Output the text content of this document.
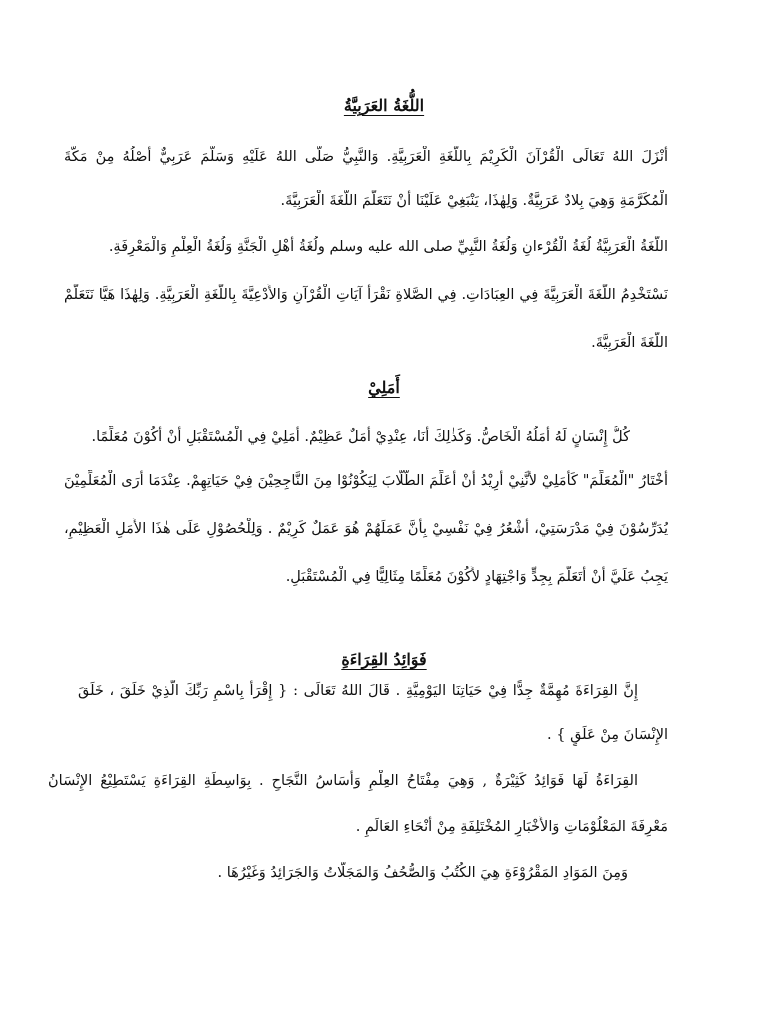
اللُّغَةُ العَرَبِيَّةُ

أَنْزَلَ اللهُ تَعَالَى الْقُرْآنَ الْكَرِيْمَ بِاللُّغَةِ الْعَرَبِيَّةِ. وَالنَّبِيُّ صَلَّى اللهُ عَلَيْهِ وَسَلَّمَ عَرَبِيٌّ أَصْلُهُ مِنْ مَكَّةَ

الْمُكَرَّمَةِ وَهِيَ بِلادٌ عَرَبِيَّةٌ. وَلِهٰذَا، يَنْبَغِيْ عَلَيْنَا أَنْ نَتَعَلَّمَ اللُّغَةَ الْعَرَبِيَّةَ.

اللُّغَةُ الْعَرَبِيَّةُ لُغَةُ الْقُرْءانِ وَلُغَةُ النَّبِيِّ صلى الله عليه وسلم ولُغَةُ أَهْلِ الْجَنَّةِ وَلُغَةُ الْعِلْمِ وَالْمَعْرِفَةِ.

نَسْتَخْدِمُ اللُّغَةَ الْعَرَبِيَّةَ فِي العِبَادَاتِ. فِي الصَّلاةِ نَقْرَأُ آيَاتِ الْقُرْآنِ وَالأَدْعِيَّةَ بِاللُّغَةِ الْعَرَبِيَّةِ. وَلِهٰذَا هَيَّا نَتَعَلَّمْ

اللُّغَةَ الْعَرَبِيَّةَ.

أَمَلِيْ

كُلُّ إِنْسَانٍ لَهُ أَمَلُهُ الْخَاصُّ. وَكَذٰلِكَ أَنَا، عِنْدِيْ أَمَلٌ عَظِيْمٌ. أَمَلِيْ فِي الْمُسْتَقْبَلِ أَنْ أَكُوْنَ مُعَلِّمًا.

أَخْتَارُ "الْمُعَلِّمَ" كَأَمَلِيْ لأَنَّنِيْ أُرِيْدُ أَنْ أُعَلِّمَ الطُّلَّابَ لِيَكُوْنُوْا مِنَ النَّاجِحِيْنَ فِيْ حَيَاتِهِمْ. عِنْدَمَا أَرَى الْمُعَلِّمِيْنَ

يُدَرِّسُوْنَ فِيْ مَدْرَسَتِيْ، أَشْعُرُ فِيْ نَفْسِيْ بِأَنَّ عَمَلَهُمْ هُوَ عَمَلٌ كَرِيْمٌ . وَلِلْحُصُوْلِ عَلَى هٰذَا الأَمَلِ الْعَظِيْمِ،

يَجِبُ عَلَيَّ أَنْ أَتَعَلَّمَ بِجِدٍّ وَاجْتِهَادٍ لأَكُوْنَ مُعَلِّمًا مِثَالِيًّا فِي الْمُسْتَقْبَلِ.

فَوَائِدُ القِرَاءَةِ

إِنَّ القِرَاءَةَ مُهِمَّةٌ جِدًّا فِيْ حَيَاتِنَا اليَوْمِيَّةِ . قَالَ اللهُ تَعَالَى : { إِقْرَأْ بِاسْمِ رَبِّكَ الَّذِيْ خَلَقَ ، خَلَقَ

الإِنْسَانَ مِنْ عَلَقٍ } .

القِرَاءَةُ لَهَا فَوَائِدُ كَثِيْرَةٌ , وَهِيَ مِفْتَاحُ العِلْمِ وَأَسَاسُ النَّجَاحِ . بِوَاسِطَةِ القِرَاءَةِ يَسْتَطِيْعُ الإِنْسَانُ

مَعْرِفَةَ المَعْلُوْمَاتِ وَالأَخْبَارِ المُخْتَلِفَةِ مِنْ أَنْحَاءِ العَالَمِ .

وَمِنَ المَوَادِ المَقْرُوْءَةِ هِيَ الكُتُبُ وَالصُّحُفُ وَالمَجَلَّاتُ وَالجَرَائِدُ وَغَيْرُهَا .
